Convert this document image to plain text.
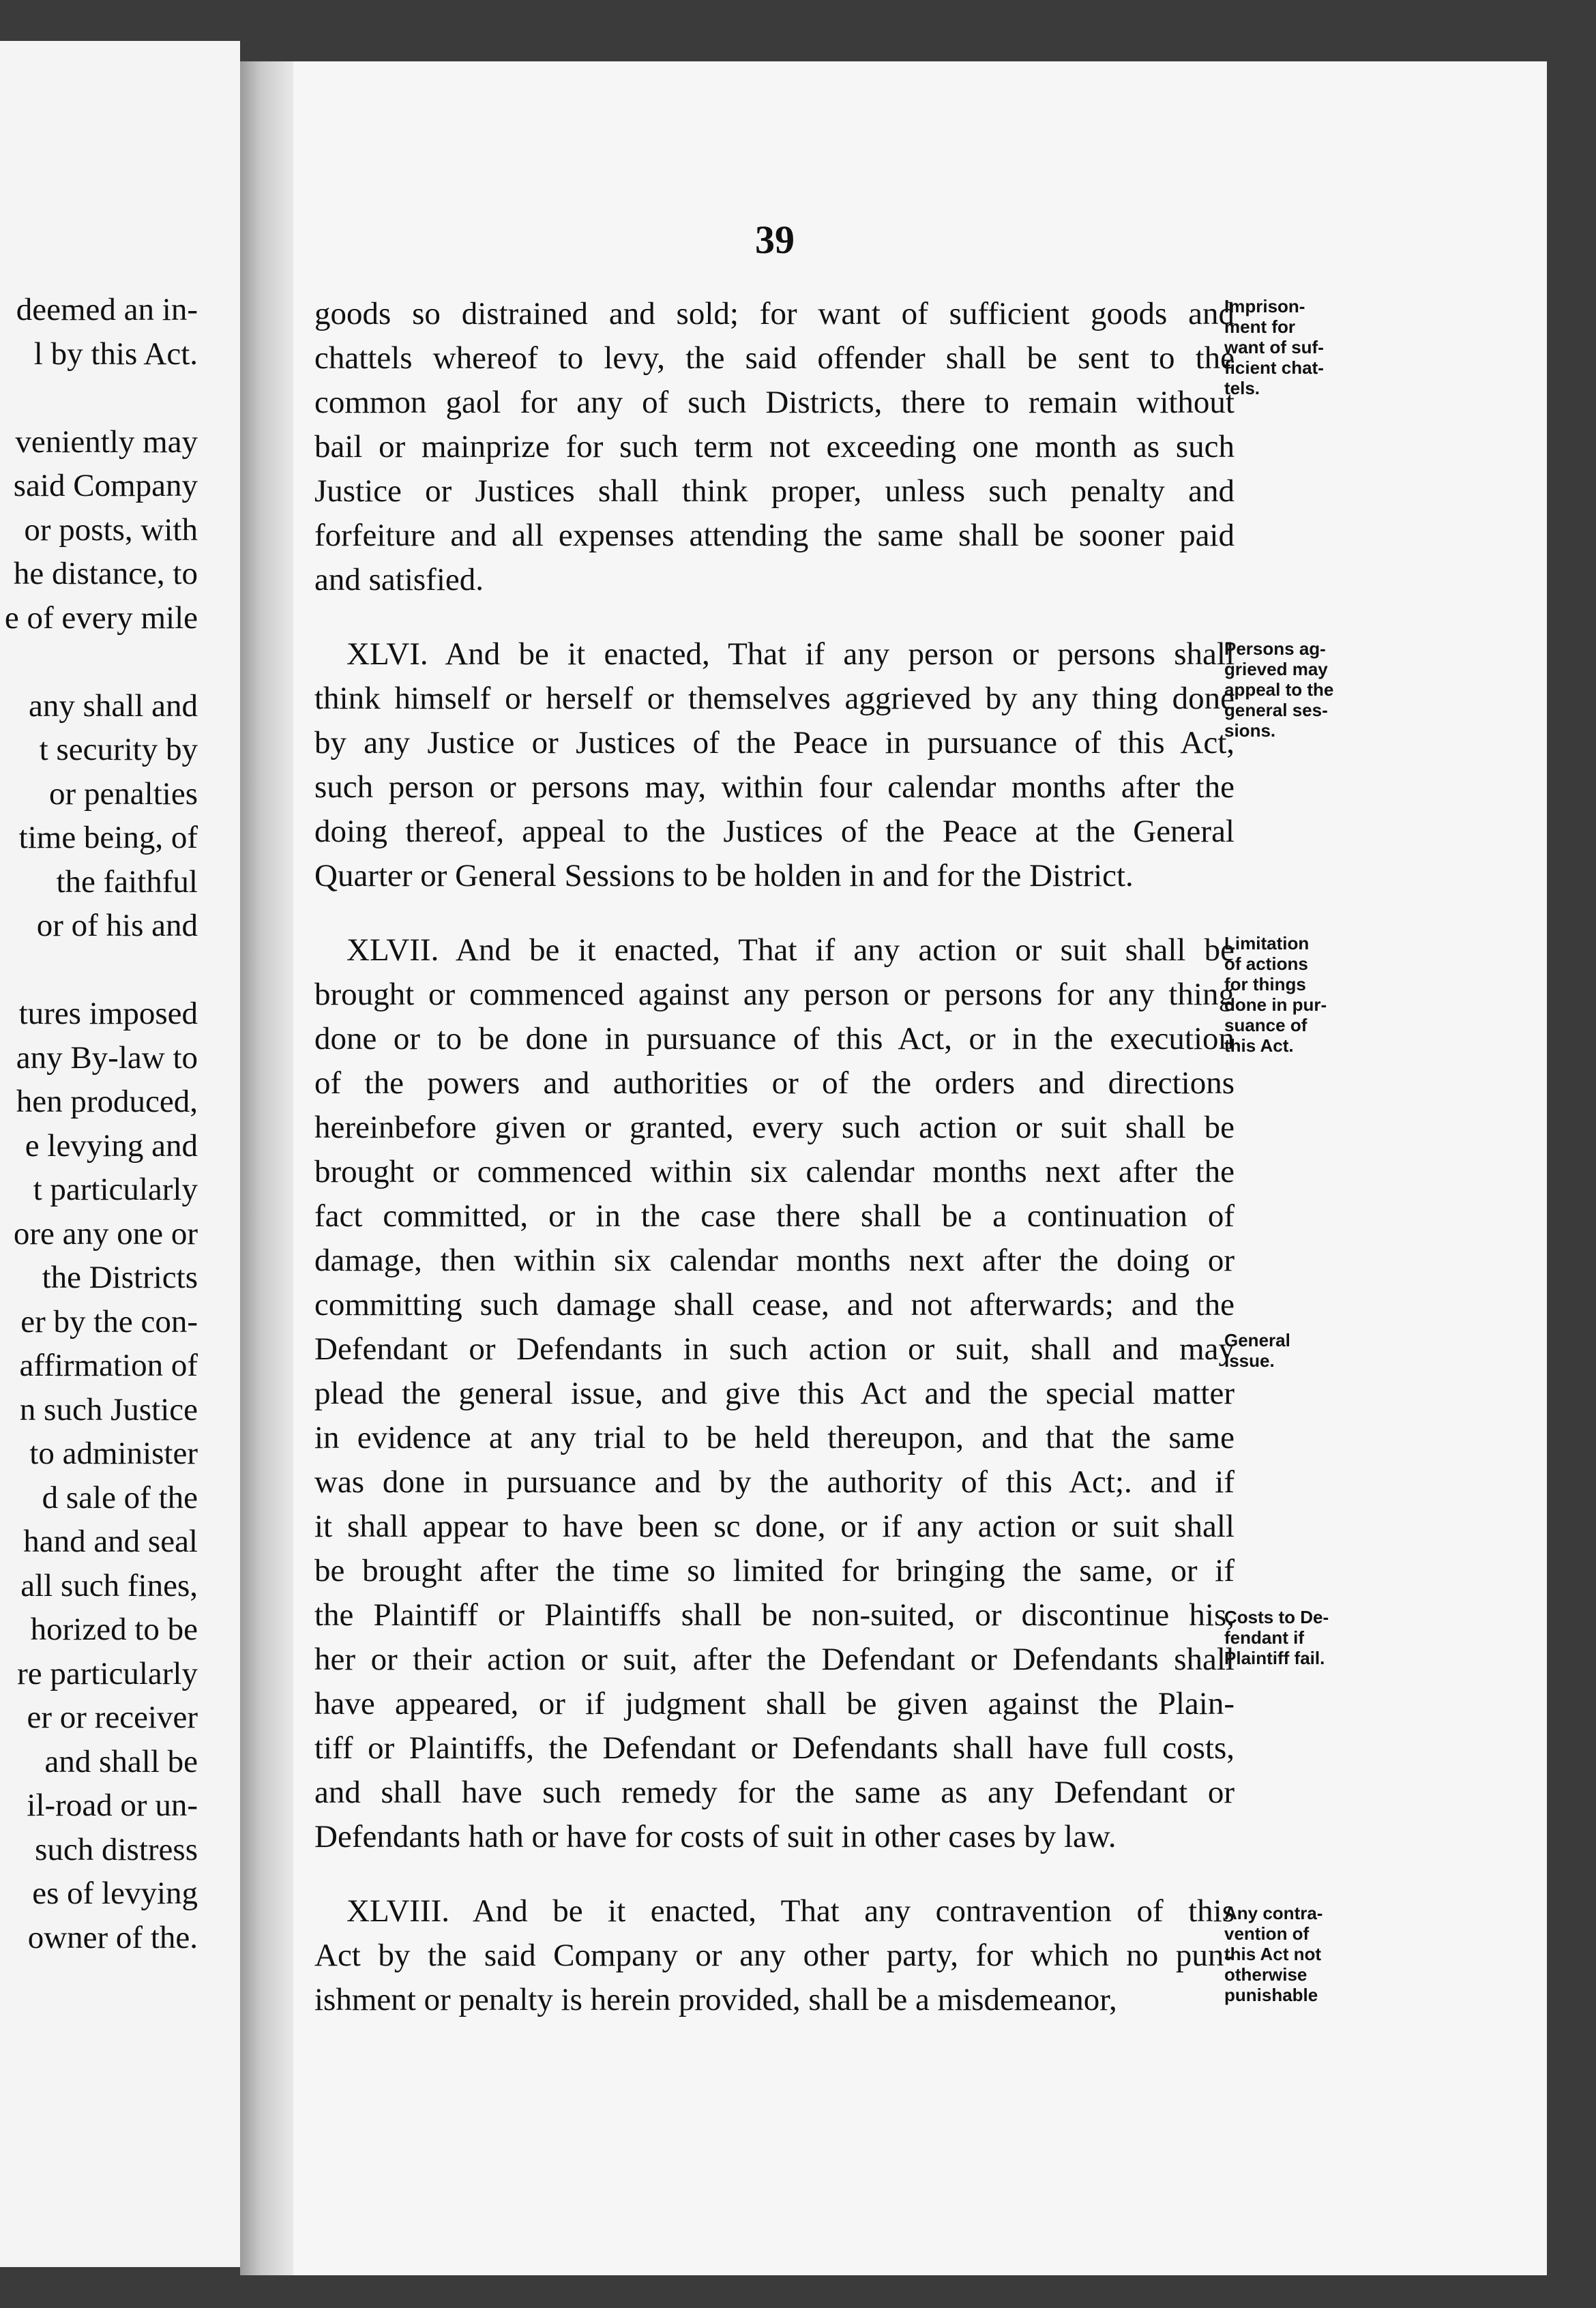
deemed an in-
l by this Act.
veniently may
said Company
or posts, with
he distance, to
e of every mile
any shall and
t security by
or penalties
time being, of
the faithful
or of his and
tures imposed
any By-law to
hen produced,
e levying and
t particularly
ore any one or
the Districts
er by the con-
affirmation of
n such Justice
to administer
d sale of the
hand and seal
all such fines,
horized to be
re particularly
er or receiver
and shall be
il-road or un-
such distress
es of levying
owner of the.
39
goods so distrained and sold; for want of sufficient goods and
chattels whereof to levy, the said offender shall be sent to the
common gaol for any of such Districts, there to remain without
bail or mainprize for such term not exceeding one month as such
Justice or Justices shall think proper, unless such penalty and
forfeiture and all expenses attending the same shall be sooner paid
and satisfied.
XLVI. And be it enacted, That if any person or persons shall
think himself or herself or themselves aggrieved by any thing done
by any Justice or Justices of the Peace in pursuance of this Act,
such person or persons may, within four calendar months after the
doing thereof, appeal to the Justices of the Peace at the General
Quarter or General Sessions to be holden in and for the District.
XLVII. And be it enacted, That if any action or suit shall be
brought or commenced against any person or persons for any thing
done or to be done in pursuance of this Act, or in the execution
of the powers and authorities or of the orders and directions
hereinbefore given or granted, every such action or suit shall be
brought or commenced within six calendar months next after the
fact committed, or in the case there shall be a continuation of
damage, then within six calendar months next after the doing or
committing such damage shall cease, and not afterwards; and the
Defendant or Defendants in such action or suit, shall and may
plead the general issue, and give this Act and the special matter
in evidence at any trial to be held thereupon, and that the same
was done in pursuance and by the authority of this Act;. and if
it shall appear to have been sc done, or if any action or suit shall
be brought after the time so limited for bringing the same, or if
the Plaintiff or Plaintiffs shall be non-suited, or discontinue his,
her or their action or suit, after the Defendant or Defendants shall
have appeared, or if judgment shall be given against the Plain-
tiff or Plaintiffs, the Defendant or Defendants shall have full costs,
and shall have such remedy for the same as any Defendant or
Defendants hath or have for costs of suit in other cases by law.
XLVIII. And be it enacted, That any contravention of this
Act by the said Company or any other party, for which no pun-
ishment or penalty is herein provided, shall be a misdemeanor,
Imprison-
ment for
want of suf-
ficient chat-
tels.
Persons ag-
grieved may
appeal to the
general ses-
sions.
Limitation
of actions
for things
done in pur-
suance of
this Act.
General
issue.
Costs to De-
fendant if
Plaintiff fail.
Any contra-
vention of
this Act not
otherwise
punishable
